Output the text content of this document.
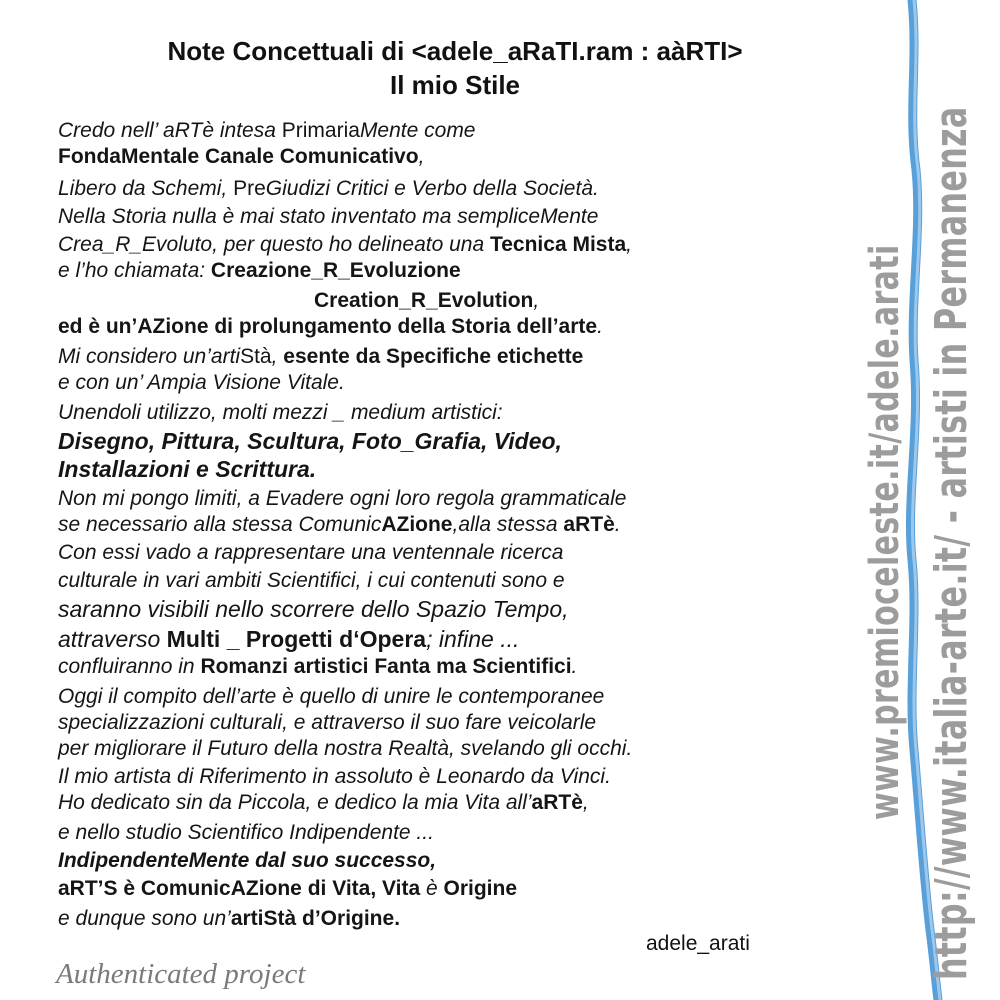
Note Concettuali di <adele_aRaTI.ram : aàRTI>
Il mio Stile
Credo nell’ aRTè intesa PrimariaMente come
FondaMentale Canale Comunicativo,
Libero da Schemi, PreGiudizi Critici e Verbo della Società.
Nella Storia nulla è mai stato inventato ma sempliceMente
Crea_R_Evoluto, per questo ho delineato una Tecnica Mista,
e l’ho chiamata: Creazione_R_Evoluzione
Creation_R_Evolution,
ed è un’AZione di prolungamento della Storia dell’arte.
Mi considero un’artiStà, esente da Specifiche etichette
e con un’ Ampia Visione Vitale.
Unendoli utilizzo, molti mezzi _ medium artistici:
Disegno, Pittura, Scultura, Foto_Grafia, Video,
Installazioni e Scrittura.
Non mi pongo limiti, a Evadere ogni loro regola grammaticale
se necessario alla stessa ComunicAZione,alla stessa aRTè.
Con essi vado a rappresentare una ventennale ricerca
culturale in vari ambiti Scientifici, i cui contenuti sono e
saranno visibili nello scorrere dello Spazio Tempo,
attraverso Multi _ Progetti d‘Opera; infine ...
confluiranno in Romanzi artistici Fanta ma Scientifici.
Oggi il compito dell’arte è quello di unire le contemporanee
specializzazioni culturali, e attraverso il suo fare veicolarle
per migliorare il Futuro della nostra Realtà, svelando gli occhi.
Il mio artista di Riferimento in assoluto è Leonardo da Vinci.
Ho dedicato sin da Piccola, e dedico la mia Vita all’aRTè,
e nello studio Scientifico Indipendente ...
IndipendenteMente dal suo successo,
aRT’S è ComunicAZione di Vita, Vita è Origine
e dunque sono un’artiStà d’Origine.
adele_arati
Authenticated project
www.premioceleste.it/adele.arati http://www.italia-arte.it/ - artisti in Permanenza
